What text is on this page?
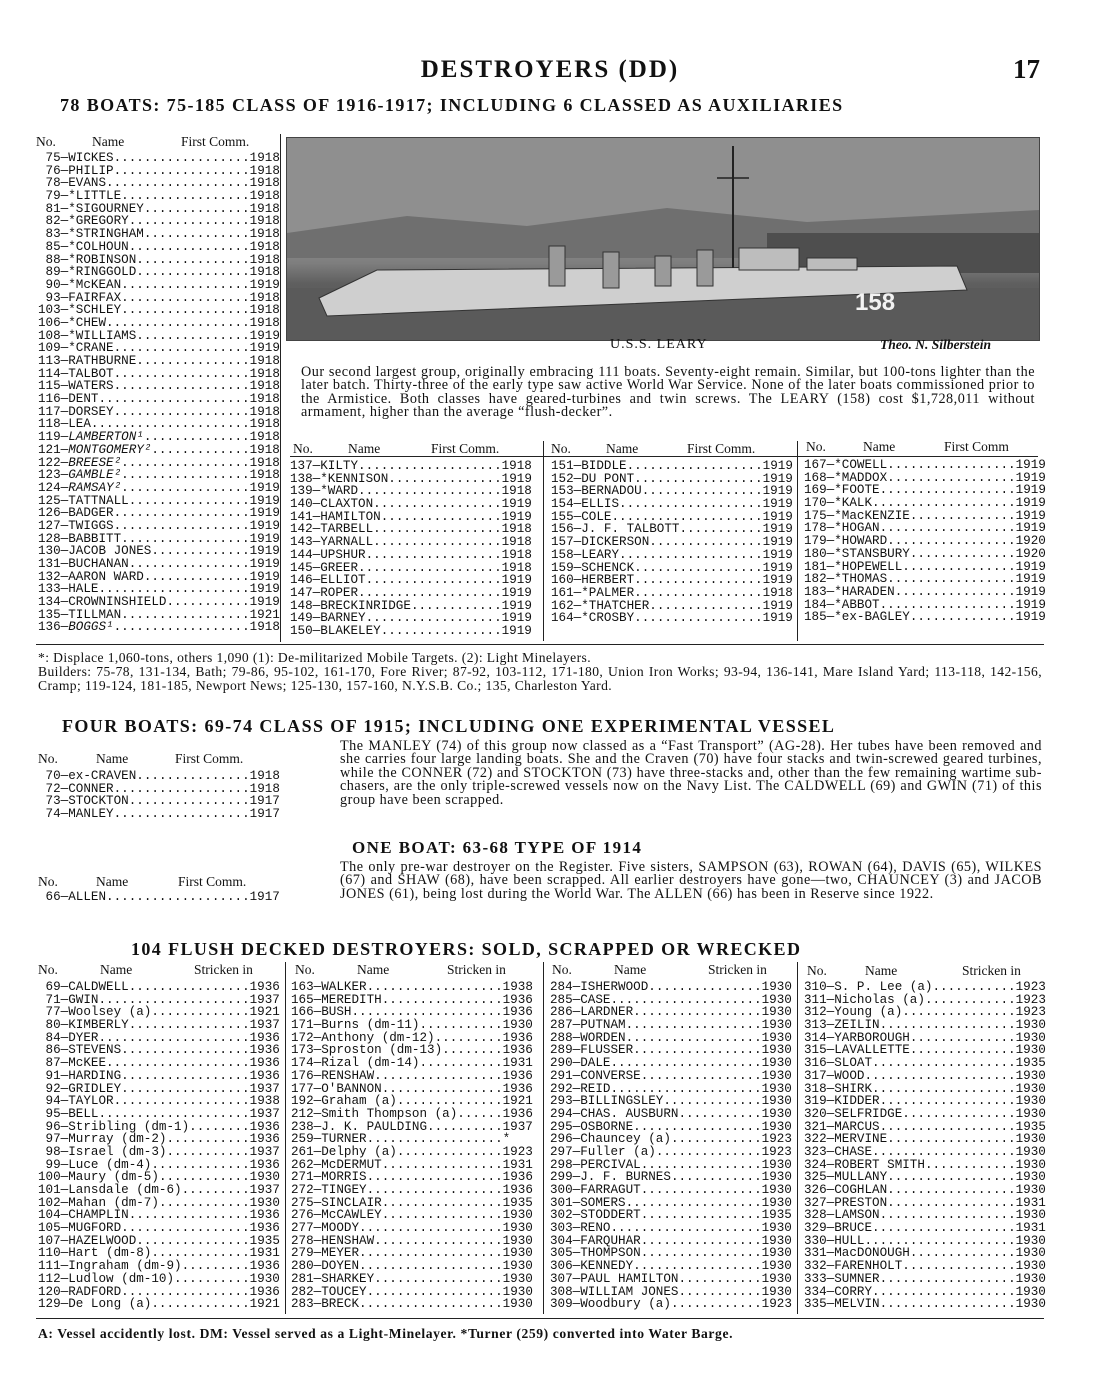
DESTROYERS (DD)	17
78 BOATS: 75-185 CLASS OF 1916-1917; INCLUDING 6 CLASSED AS AUXILIARIES
No.	Name	First Comm.
75—WICKES..................1918
76—PHILIP..................1918
78—EVANS...................1918
79—*LITTLE.................1918
81—*SIGOURNEY..............1918
82—*GREGORY................1918
83—*STRINGHAM..............1918
85—*COLHOUN................1918
88—*ROBINSON...............1918
89—*RINGGOLD...............1918
90—*McKEAN.................1919
93—FAIRFAX.................1918
103—*SCHLEY.................1918
106—*CHEW...................1918
108—*WILLIAMS...............1919
109—*CRANE..................1919
113—RATHBURNE...............1918
114—TALBOT..................1918
115—WATERS..................1918
116—DENT....................1918
117—DORSEY..................1918
118—LEA.....................1918
119—LAMBERTON¹..............1918
121—MONTGOMERY².............1918
122—BREESE².................1918
123—GAMBLE².................1918
124—RAMSAY².................1919
125—TATTNALL................1919
126—BADGER..................1919
127—TWIGGS..................1919
128—BABBITT.................1919
130—JACOB JONES.............1919
131—BUCHANAN................1919
132—AARON WARD..............1919
133—HALE....................1919
134—CROWNINSHIELD...........1919
135—TILLMAN.................1921
136—BOGGS¹..................1918
158
U.S.S. LEARY	Theo. N. Silberstein
Our second largest group, originally embracing 111 boats. Seventy-eight remain. Similar, but 100-tons lighter than the later batch. Thirty-three of the early type saw active World War Service. None of the later boats commissioned prior to the Armistice. Both classes have geared-turbines and twin screws. The LEARY (158) cost $1,728,011 without armament, higher than the average “flush-decker”.
No.	Name	First Comm.	No.	Name	First Comm.	No.	Name	First Comm
137—KILTY...................1918
138—*KENNISON...............1919
139—*WARD...................1918
140—CLAXTON.................1919
141—HAMILTON................1919
142—TARBELL.................1918
143—YARNALL.................1918
144—UPSHUR..................1918
145—GREER...................1918
146—ELLIOT..................1919
147—ROPER...................1919
148—BRECKINRIDGE............1919
149—BARNEY..................1919
150—BLAKELEY................1919
151—BIDDLE..................1919
152—DU PONT.................1919
153—BERNADOU................1919
154—ELLIS...................1919
155—COLE....................1919
156—J. F. TALBOTT...........1919
157—DICKERSON...............1919
158—LEARY...................1919
159—SCHENCK.................1919
160—HERBERT.................1919
161—*PALMER.................1918
162—*THATCHER...............1919
164—*CROSBY.................1919
167—*COWELL.................1919
168—*MADDOX.................1919
169—*FOOTE..................1919
170—*KALK...................1919
175—*MacKENZIE..............1919
178—*HOGAN..................1919
179—*HOWARD.................1920
180—*STANSBURY..............1920
181—*HOPEWELL...............1919
182—*THOMAS.................1919
183—*HARADEN................1919
184—*ABBOT..................1919
185—*ex-BAGLEY..............1919
*: Displace 1,060-tons, others 1,090 (1): De-militarized Mobile Targets. (2): Light Minelayers.
Builders: 75-78, 131-134, Bath; 79-86, 95-102, 161-170, Fore River; 87-92, 103-112, 171-180, Union Iron Works; 93-94, 136-141, Mare Island Yard; 113-118, 142-156, Cramp; 119-124, 181-185, Newport News; 125-130, 157-160, N.Y.S.B. Co.; 135, Charleston Yard.
FOUR BOATS: 69-74 CLASS OF 1915; INCLUDING ONE EXPERIMENTAL VESSEL
No.	Name	First Comm.
70—ex-CRAVEN...............1918
72—CONNER..................1918
73—STOCKTON................1917
74—MANLEY..................1917
The MANLEY (74) of this group now classed as a “Fast Transport” (AG-28). Her tubes have been removed and she carries four large landing boats. She and the Craven (70) have four stacks and twin-screwed geared turbines, while the CONNER (72) and STOCKTON (73) have three-stacks and, other than the few remaining wartime sub-chasers, are the only triple-screwed vessels now on the Navy List. The CALDWELL (69) and GWIN (71) of this group have been scrapped.
ONE BOAT: 63-68 TYPE OF 1914
No.	Name	First Comm.
66—ALLEN...................1917
The only pre-war destroyer on the Register. Five sisters, SAMPSON (63), ROWAN (64), DAVIS (65), WILKES (67) and SHAW (68), have been scrapped. All earlier destroyers have gone—two, CHAUNCEY (3) and JACOB JONES (61), being lost during the World War. The ALLEN (66) has been in Reserve since 1922.
104 FLUSH DECKED DESTROYERS: SOLD, SCRAPPED OR WRECKED
No.	Name	Stricken in	No.	Name	Stricken in	No.	Name	Stricken in	No.	Name	Stricken in
69—CALDWELL................1936
71—GWIN....................1937
77—Woolsey (a).............1921
80—KIMBERLY................1937
84—DYER....................1936
86—STEVENS.................1936
87—McKEE...................1936
91—HARDING.................1936
92—GRIDLEY.................1937
94—TAYLOR..................1938
95—BELL....................1937
96—Stribling (dm-1)........1936
97—Murray (dm-2)...........1936
98—Israel (dm-3)...........1937
99—Luce (dm-4).............1936
100—Maury (dm-5)............1930
101—Lansdale (dm-6).........1937
102—Mahan (dm-7)............1930
104—CHAMPLIN................1936
105—MUGFORD.................1936
107—HAZELWOOD...............1935
110—Hart (dm-8).............1931
111—Ingraham (dm-9).........1936
112—Ludlow (dm-10)..........1930
120—RADFORD.................1936
129—De Long (a).............1921
163—WALKER..................1938
165—MEREDITH................1936
166—BUSH....................1936
171—Burns (dm-11)...........1930
172—Anthony (dm-12).........1936
173—Sproston (dm-13)........1936
174—Rizal (dm-14)...........1931
176—RENSHAW.................1936
177—O'BANNON................1936
192—Graham (a)..............1921
212—Smith Thompson (a)......1936
238—J. K. PAULDING..........1937
259—TURNER..................*
261—Delphy (a)..............1923
262—McDERMUT................1931
271—MORRIS..................1936
272—TINGEY..................1936
275—SINCLAIR................1935
276—McCAWLEY................1930
277—MOODY...................1930
278—HENSHAW.................1930
279—MEYER...................1930
280—DOYEN...................1930
281—SHARKEY.................1930
282—TOUCEY..................1930
283—BRECK...................1930
284—ISHERWOOD...............1930
285—CASE....................1930
286—LARDNER.................1930
287—PUTNAM..................1930
288—WORDEN..................1930
289—FLUSSER.................1930
290—DALE....................1930
291—CONVERSE................1930
292—REID....................1930
293—BILLINGSLEY.............1930
294—CHAS. AUSBURN...........1930
295—OSBORNE.................1930
296—Chauncey (a)............1923
297—Fuller (a)..............1923
298—PERCIVAL................1930
299—J. F. BURNES............1930
300—FARRAGUT................1930
301—SOMERS..................1930
302—STODDERT................1935
303—RENO....................1930
304—FARQUHAR................1930
305—THOMPSON................1930
306—KENNEDY.................1930
307—PAUL HAMILTON...........1930
308—WILLIAM JONES...........1930
309—Woodbury (a)............1923
310—S. P. Lee (a)...........1923
311—Nicholas (a)............1923
312—Young (a)...............1923
313—ZEILIN..................1930
314—YARBOROUGH..............1930
315—LAVALLETTE..............1930
316—SLOAT...................1935
317—WOOD....................1930
318—SHIRK...................1930
319—KIDDER..................1930
320—SELFRIDGE...............1930
321—MARCUS..................1935
322—MERVINE.................1930
323—CHASE...................1930
324—ROBERT SMITH............1930
325—MULLANY.................1930
326—COGHLAN.................1930
327—PRESTON.................1931
328—LAMSON..................1930
329—BRUCE...................1931
330—HULL....................1930
331—MacDONOUGH..............1930
332—FARENHOLT...............1930
333—SUMNER..................1930
334—CORRY...................1930
335—MELVIN..................1930
A: Vessel accidently lost. DM: Vessel served as a Light-Minelayer. *Turner (259) converted into Water Barge.
